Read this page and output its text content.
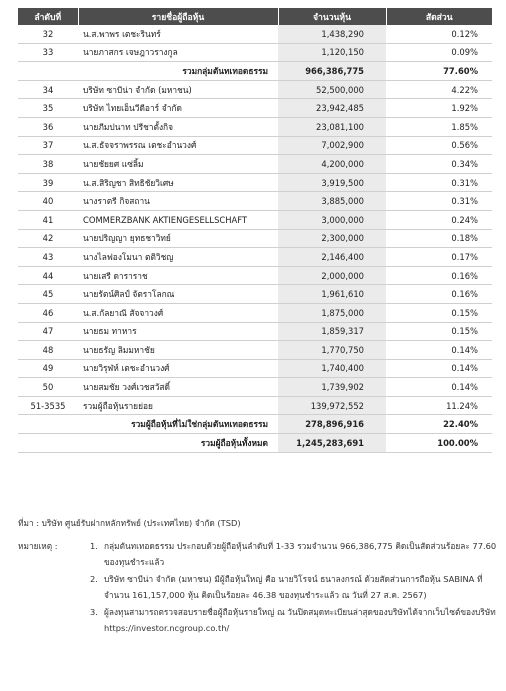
ลำดับที่	รายชื่อผู้ถือหุ้น	จำนวนหุ้น	สัดส่วน
32	น.ส.พาพร เตชะรินทร์	1,438,290	0.12%
33	นายภาสกร เจษฎาวรางกูล	1,120,150	0.09%
รวมกลุ่มตันทเทอดธรรม		966,386,775	77.60%
34	บริษัท ซาบีน่า จำกัด (มหาชน)	52,500,000	4.22%
35	บริษัท ไทยเอ็นวีดีอาร์ จำกัด	23,942,485	1.92%
36	นายภีมปนาท ปรีชาตั้งกิจ	23,081,100	1.85%
37	น.ส.ธัจจราพรรณ เตชะอำนวงศ์	7,002,900	0.56%
38	นายชัยยศ แซ่ลิ้ม	4,200,000	0.34%
39	น.ส.สิริญชา สิทธิชัยวิเศษ	3,919,500	0.31%
40	นางราตรี กิจสถาน	3,885,000	0.31%
41	COMMERZBANK AKTIENGESELLSCHAFT	3,000,000	0.24%
42	นายปริญญา ยุทธชาวิทย์	2,300,000	0.18%
43	นางไลฟองโมนา ตติวิชญ	2,146,400	0.17%
44	นายเสรี ดาราราช	2,000,000	0.16%
45	นายรัตน์ศิลป์ จัตราโลกณ	1,961,610	0.16%
46	น.ส.กัลยาณี สัจจาวงศ์	1,875,000	0.15%
47	นายธม ทาหาร	1,859,317	0.15%
48	นายธรัญ ลิมมหาชัย	1,770,750	0.14%
49	นายวิรุฬห์ เตชะอำนวงศ์	1,740,400	0.14%
50	นายสมชัย วงศ์เวชสวัสดิ์	1,739,902	0.14%
51-3535	รวมผู้ถือหุ้นรายย่อย	139,972,552	11.24%
รวมผู้ถือหุ้นที่ไม่ใช่กลุ่มตันทเทอดธรรม		278,896,916	22.40%
รวมผู้ถือหุ้นทั้งหมด		1,245,283,691	100.00%
ที่มา : บริษัท ศูนย์รับฝากหลักทรัพย์ (ประเทศไทย) จำกัด (TSD)
หมายเหตุ :	1. กลุ่มตันทเทอดธรรม ประกอบด้วยผู้ถือหุ้นลำดับที่ 1-33 รวมจำนวน 966,386,775 คิดเป็นสัดส่วนร้อยละ 77.60 ของทุนชำระแล้ว
2. บริษัท ซาบีน่า จำกัด (มหาชน) มีผู้ถือหุ้นใหญ่ คือ นายวิโรจน์ ธนาลงกรณ์ ด้วยสัดส่วนการถือหุ้น SABINA ที่จำนวน 161,157,000 หุ้น คิดเป็นร้อยละ 46.38 ของทุนชำระแล้ว ณ วันที่ 27 ส.ค. 2567)
3. ผู้ลงทุนสามารถตรวจสอบรายชื่อผู้ถือหุ้นรายใหญ่ ณ วันปิดสมุดทะเบียนล่าสุดของบริษัทได้จากเว็บไซต์ของบริษัท https://investor.ncgroup.co.th/
